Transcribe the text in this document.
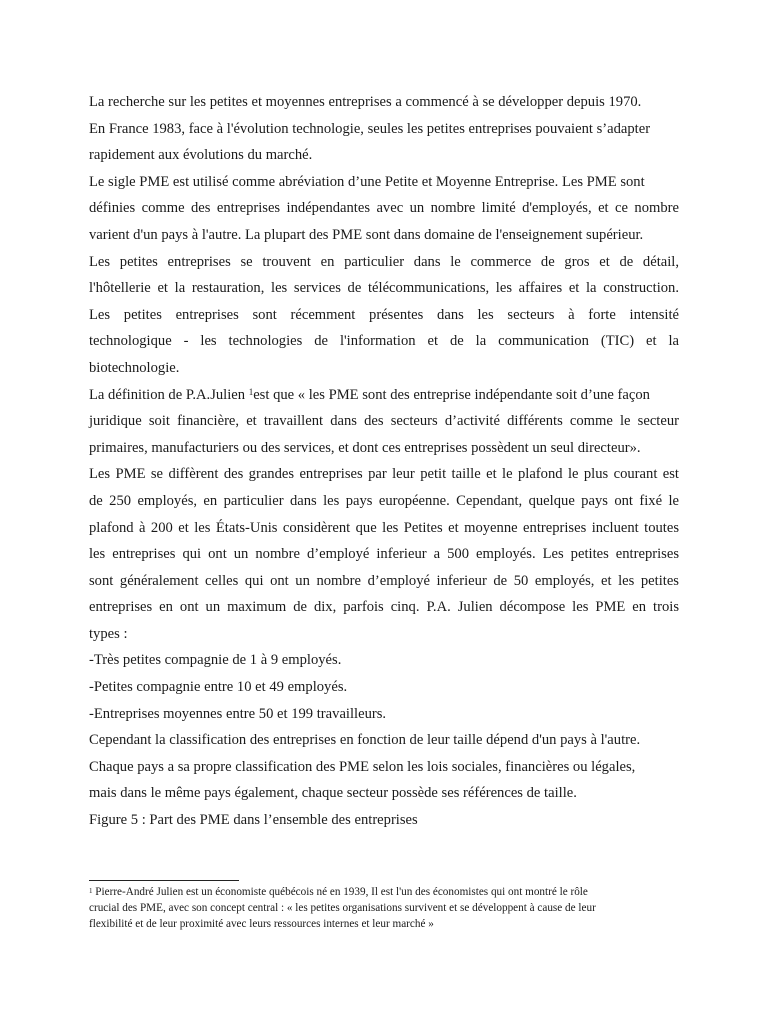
La recherche sur les petites et moyennes entreprises a commencé à se développer depuis 1970.
En France 1983, face à l'évolution technologie, seules les petites entreprises pouvaient s’adapter
rapidement aux évolutions du marché.
Le sigle PME est utilisé comme abréviation d’une Petite et Moyenne Entreprise. Les PME sont
définies comme des entreprises indépendantes avec un nombre limité d'employés, et ce nombre
varient d'un pays à l'autre. La plupart des PME sont dans domaine de l'enseignement supérieur.
Les petites entreprises se trouvent en particulier dans le commerce de gros et de détail,
l'hôtellerie et la restauration, les services de télécommunications, les affaires et la construction.
Les petites entreprises sont récemment présentes dans les secteurs à forte intensité
technologique - les technologies de l'information et de la communication (TIC) et la
biotechnologie.
La définition de P.A.Julien $^1$est que « les PME sont des entreprise indépendante soit d’une façon
juridique soit financière, et travaillent dans des secteurs d’activité différents comme le secteur
primaires, manufacturiers ou des services, et dont ces entreprises possèdent un seul directeur».
Les PME se diffèrent des grandes entreprises par leur petit taille et le plafond le plus courant est
de 250 employés, en particulier dans les pays européenne. Cependant, quelque pays ont fixé le
plafond à 200 et les États-Unis considèrent que les Petites et moyenne entreprises incluent toutes
les entreprises qui ont un nombre d’employé inferieur a 500 employés. Les petites entreprises
sont généralement celles qui ont un nombre d’employé inferieur de 50 employés, et les petites
entreprises en ont un maximum de dix, parfois cinq. P.A. Julien décompose les PME en trois
types :
-Très petites compagnie de 1 à 9 employés.
-Petites compagnie entre 10 et 49 employés.
-Entreprises moyennes entre 50 et 199 travailleurs.
Cependant la classification des entreprises en fonction de leur taille dépend d'un pays à l'autre.
Chaque pays a sa propre classification des PME selon les lois sociales, financières ou légales,
mais dans le même pays également, chaque secteur possède ses références de taille.
Figure 5 : Part des PME dans l’ensemble des entreprises
$^1$ Pierre-André Julien est un économiste québécois né en 1939, Il est l'un des économistes qui ont montré le rôle
crucial des PME, avec son concept central : « les petites organisations survivent et se développent à cause de leur
flexibilité et de leur proximité avec leurs ressources internes et leur marché »
